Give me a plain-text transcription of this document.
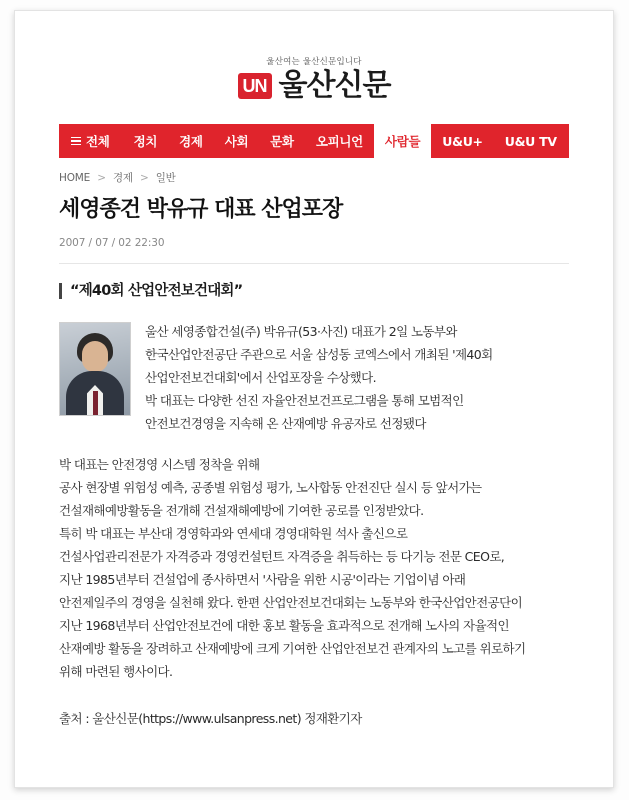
울산여는 울산신문입니다
UN 울산신문
전체 정치 경제 사회 문화 오피니언 사람들 U&U+ U&U TV
HOME > 경제 > 일반
세영종건 박유규 대표 산업포장
2007 / 07 / 02 22:30
“제40회 산업안전보건대회”

울산 세영종합건설(주) 박유규(53·사진) 대표가 2일 노동부와

한국산업안전공단 주관으로 서울 삼성동 코엑스에서 개최된 '제40회

산업안전보건대회'에서 산업포장을 수상했다.

박 대표는 다양한 선진 자율안전보건프로그램을 통해 모범적인

안전보건경영을 지속해 온 산재예방 유공자로 선정됐다

박 대표는 안전경영 시스템 정착을 위해

공사 현장별 위험성 예측, 공종별 위험성 평가, 노사합동 안전진단 실시 등 앞서가는

건설재해예방활동을 전개해 건설재해예방에 기여한 공로를 인정받았다.

특히 박 대표는 부산대 경영학과와 연세대 경영대학원 석사 출신으로

건설사업관리전문가 자격증과 경영컨설턴트 자격증을 취득하는 등 다기능 전문 CEO로,

지난 1985년부터 건설업에 종사하면서 '사람을 위한 시공'이라는 기업이념 아래

안전제일주의 경영을 실천해 왔다. 한편 산업안전보건대회는 노동부와 한국산업안전공단이

지난 1968년부터 산업안전보건에 대한 홍보 활동을 효과적으로 전개해 노사의 자율적인

산재예방 활동을 장려하고 산재예방에 크게 기여한 산업안전보건 관계자의 노고를 위로하기

위해 마련된 행사이다.

출처 : 울산신문(https://www.ulsanpress.net) 정재환기자
